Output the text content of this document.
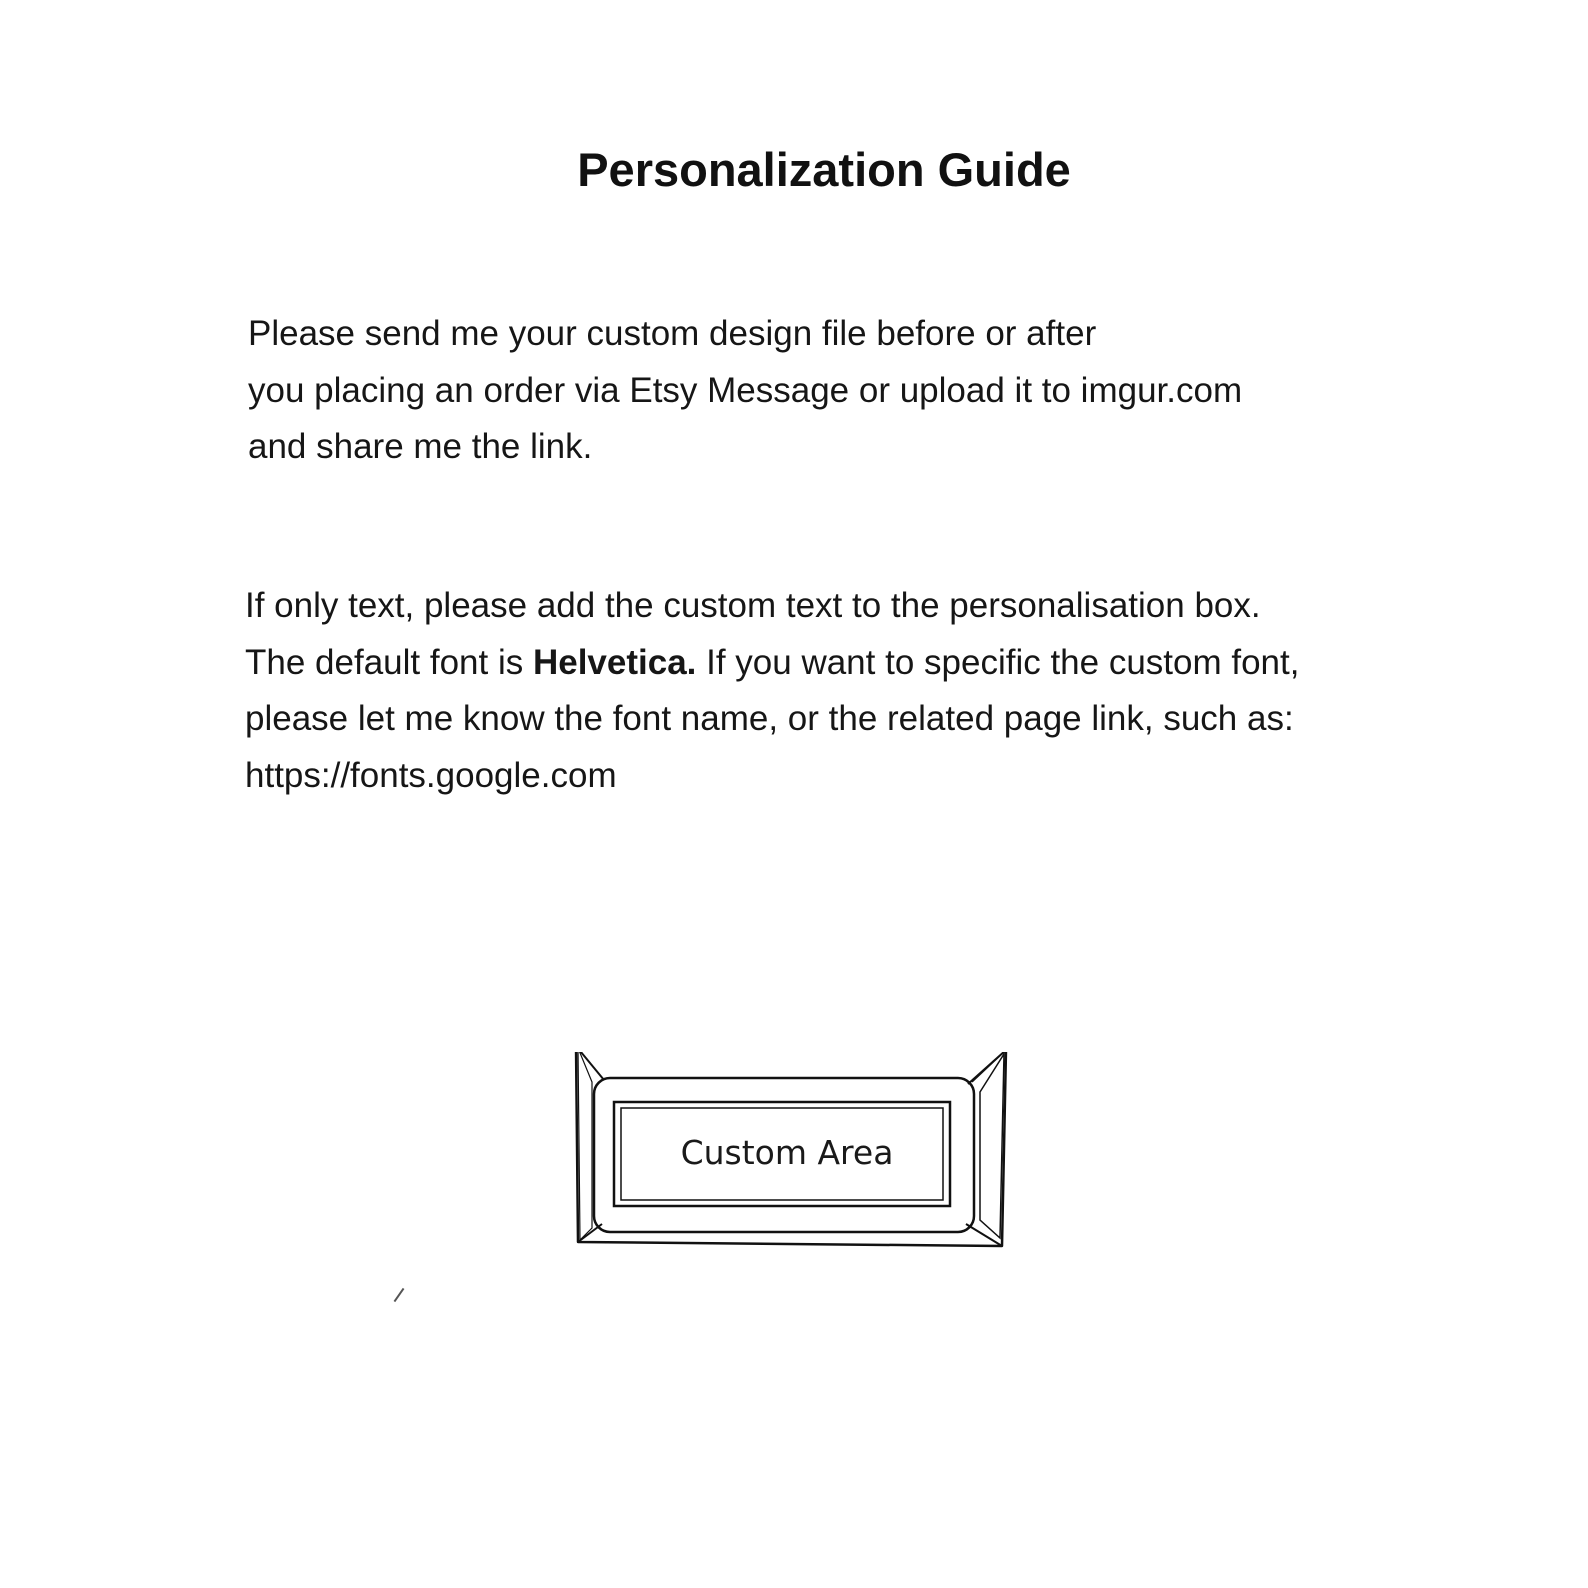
Personalization Guide
Please send me your custom design file before or after
you placing an order via Etsy Message or upload it to imgur.com
and share me the link.
If only text, please add the custom text to the personalisation box.
The default font is Helvetica. If you want to specific the custom font,
please let me know the font name, or the related page link, such as:
https://fonts.google.com
Custom Area
